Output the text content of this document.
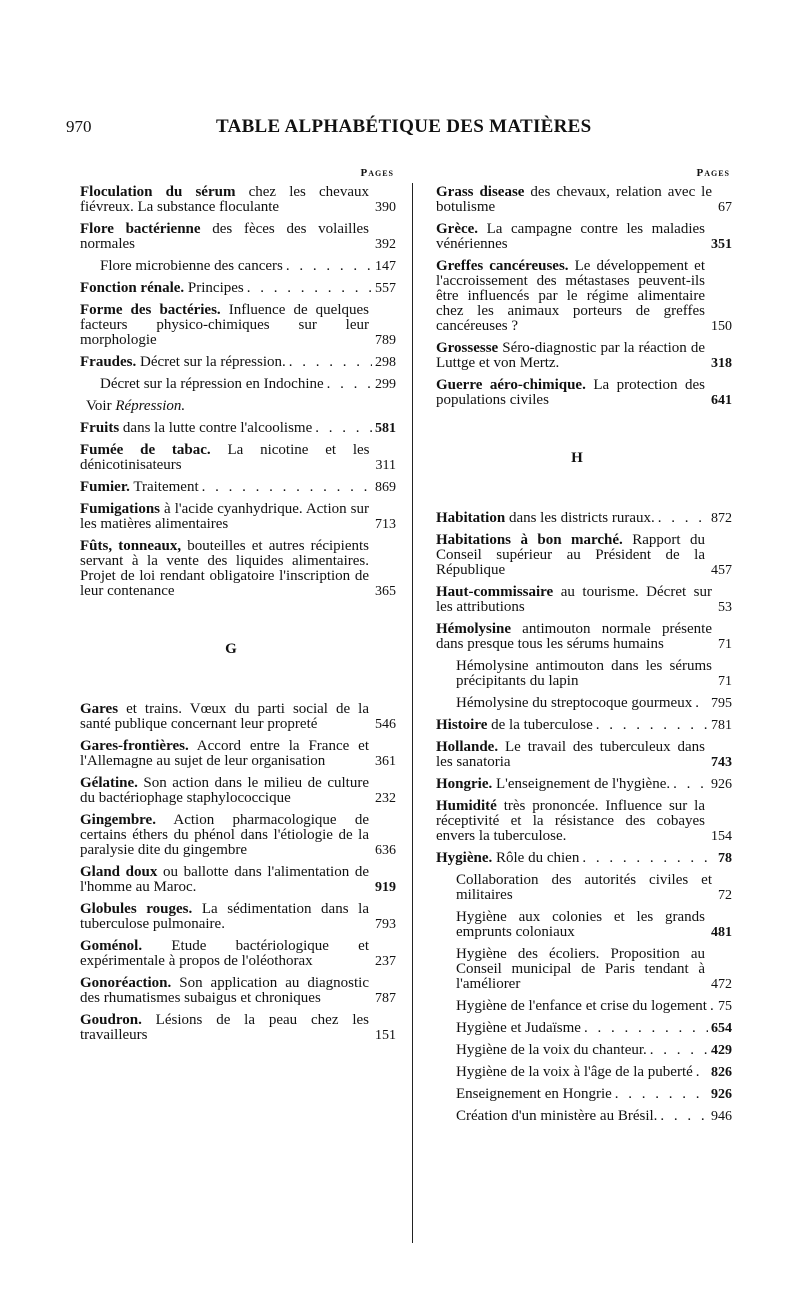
970	TABLE ALPHABÉTIQUE DES MATIÈRES
Pages
Floculation du sérum chez les chevaux fiévreux. La substance floculante	390
Flore bactérienne des fèces des volailles normales	392
Flore microbienne des cancers . . .	147
Fonction rénale. Principes . . .	557
Forme des bactéries. Influence de quelques facteurs physico-chimiques sur leur morphologie	789
Fraudes. Décret sur la répression. . . .	298
Décret sur la répression en Indochine . . .	299
Voir Répression.
Fruits dans la lutte contre l'alcoolisme . . .	581
Fumée de tabac. La nicotine et les dénicotinisateurs	311
Fumier. Traitement . . .	869
Fumigations à l'acide cyanhydrique. Action sur les matières alimentaires	713
Fûts, tonneaux, bouteilles et autres récipients servant à la vente des liquides alimentaires. Projet de loi rendant obligatoire l'inscription de leur contenance	365
G
Gares et trains. Vœux du parti social de la santé publique concernant leur propreté	546
Gares-frontières. Accord entre la France et l'Allemagne au sujet de leur organisation	361
Gélatine. Son action dans le milieu de culture du bactériophage staphylococcique	232
Gingembre. Action pharmacologique de certains éthers du phénol dans l'étiologie de la paralysie dite du gingembre	636
Gland doux ou ballotte dans l'alimentation de l'homme au Maroc.	919
Globules rouges. La sédimentation dans la tuberculose pulmonaire.	793
Goménol. Etude bactériologique et expérimentale à propos de l'oléothorax	237
Gonoréaction. Son application au diagnostic des rhumatismes subaigus et chroniques	787
Goudron. Lésions de la peau chez les travailleurs	151
Pages
Grass disease des chevaux, relation avec le botulisme	67
Grèce. La campagne contre les maladies vénériennes	351
Greffes cancéreuses. Le développement et l'accroissement des métastases peuvent-ils être influencés par le régime alimentaire chez les animaux porteurs de greffes cancéreuses ?	150
Grossesse Séro-diagnostic par la réaction de Luttge et von Mertz.	318
Guerre aéro-chimique. La protection des populations civiles	641
H
Habitation dans les districts ruraux. . . .	872
Habitations à bon marché. Rapport du Conseil supérieur au Président de la République	457
Haut-commissaire au tourisme. Décret sur les attributions	53
Hémolysine antimouton normale présente dans presque tous les sérums humains	71
Hémolysine antimouton dans les sérums précipitants du lapin	71
Hémolysine du streptocoque gourmeux . . . 795
Histoire de la tuberculose . . .	781
Hollande. Le travail des tuberculeux dans les sanatoria	743
Hongrie. L'enseignement de l'hygiène. . . .	926
Humidité très prononcée. Influence sur la réceptivité et la résistance des cobayes envers la tuberculose.	154
Hygiène. Rôle du chien . . .	78
Collaboration des autorités civiles et militaires	72
Hygiène aux colonies et les grands emprunts coloniaux	481
Hygiène des écoliers. Proposition au Conseil municipal de Paris tendant à l'améliorer	472
Hygiène de l'enfance et crise du logement . . . 75
Hygiène et Judaïsme . . .	654
Hygiène de la voix du chanteur. . . .	429
Hygiène de la voix à l'âge de la puberté . . . 826
Enseignement en Hongrie . . .	926
Création d'un ministère au Brésil. . . .	946
